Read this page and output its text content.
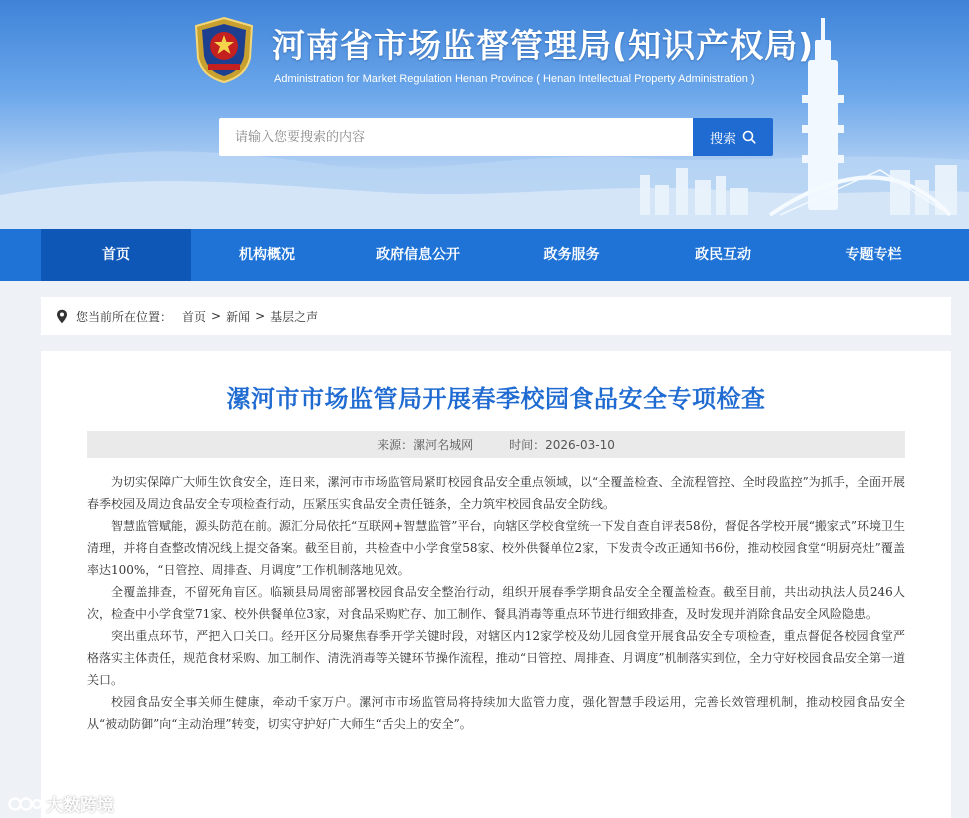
河南省市场监督管理局(知识产权局)
Administration for Market Regulation Henan Province ( Henan Intellectual Property Administration )
请输入您要搜索的内容
搜索
首页	机构概况	政府信息公开	政务服务	政民互动	专题专栏
您当前所在位置： 首页 > 新闻 > 基层之声
漯河市市场监管局开展春季校园食品安全专项检查
来源： 漯河名城网	时间： 2026-03-10

为切实保障广大师生饮食安全，连日来，漯河市市场监管局紧盯校园食品安全重点领域，以“全覆盖检查、全流程管控、全时段监控”为抓手，全面开展春季校园及周边食品安全专项检查行动，压紧压实食品安全责任链条，全力筑牢校园食品安全防线。

智慧监管赋能，源头防范在前。源汇分局依托“互联网+智慧监管”平台，向辖区学校食堂统一下发自查自评表58份，督促各学校开展“搬家式”环境卫生清理，并将自查整改情况线上提交备案。截至目前，共检查中小学食堂58家、校外供餐单位2家，下发责令改正通知书6份，推动校园食堂“明厨亮灶”覆盖率达100%，“日管控、周排查、月调度”工作机制落地见效。

全覆盖排查，不留死角盲区。临颍县局周密部署校园食品安全整治行动，组织开展春季学期食品安全全覆盖检查。截至目前，共出动执法人员246人次，检查中小学食堂71家、校外供餐单位3家，对食品采购贮存、加工制作、餐具消毒等重点环节进行细致排查，及时发现并消除食品安全风险隐患。

突出重点环节，严把入口关口。经开区分局聚焦春季开学关键时段，对辖区内12家学校及幼儿园食堂开展食品安全专项检查，重点督促各校园食堂严格落实主体责任，规范食材采购、加工制作、清洗消毒等关键环节操作流程，推动“日管控、周排查、月调度”机制落实到位，全力守好校园食品安全第一道关口。

校园食品安全事关师生健康，牵动千家万户。漯河市市场监管局将持续加大监管力度，强化智慧手段运用，完善长效管理机制，推动校园食品安全从“被动防御”向“主动治理”转变，切实守护好广大师生“舌尖上的安全”。

大数跨境
